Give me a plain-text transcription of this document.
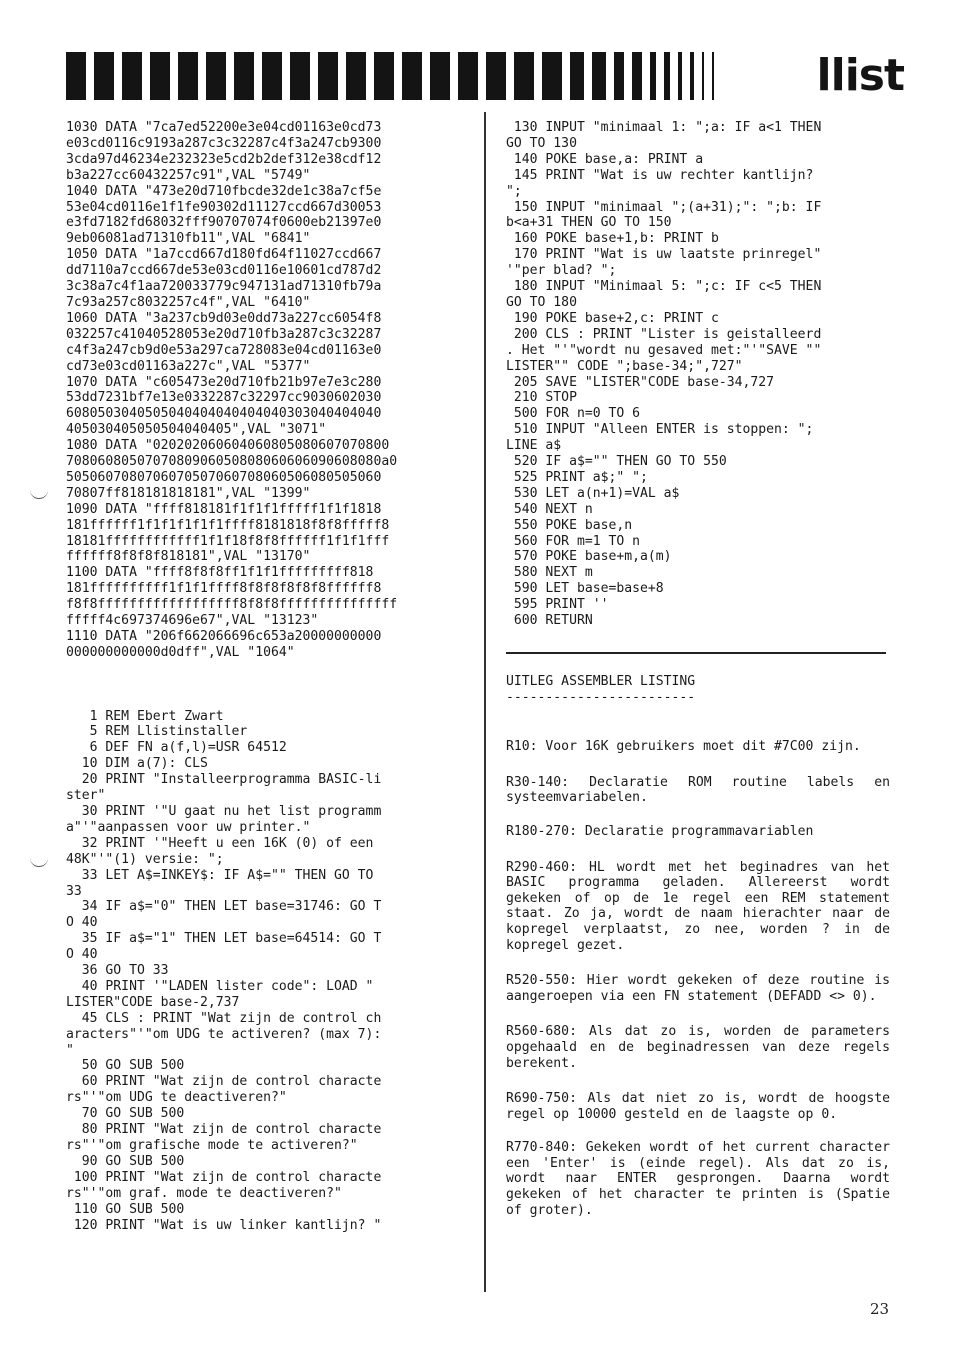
llist
1030 DATA "7ca7ed52200e3e04cd01163e0cd73
e03cd0116c9193a287c3c32287c4f3a247cb9300
3cda97d46234e232323e5cd2b2def312e38cdf12
b3a227cc60432257c91",VAL "5749"
1040 DATA "473e20d710fbcde32de1c38a7cf5e
53e04cd0116e1f1fe90302d11127ccd667d30053
e3fd7182fd68032fff90707074f0600eb21397e0
9eb06081ad71310fb11",VAL "6841"
1050 DATA "1a7ccd667d180fd64f11027ccd667
dd7110a7ccd667de53e03cd0116e10601cd787d2
3c38a7c4f1aa720033779c947131ad71310fb79a
7c93a257c8032257c4f",VAL "6410"
1060 DATA "3a237cb9d03e0dd73a227cc6054f8
032257c41040528053e20d710fb3a287c3c32287
c4f3a247cb9d0e53a297ca728083e04cd01163e0
cd73e03cd01163a227c",VAL "5377"
1070 DATA "c605473e20d710fb21b97e7e3c280
53dd7231bf7e13e0332287c32297cc9030602030
6080503040505040404040404040303040404040
405030405050504040405",VAL "3071"
1080 DATA "020202060604060805080607070800
7080608050707080906050808060606090608080a0
5050607080706070507060708060506080505060
70807ff818181818181",VAL "1399"
1090 DATA "ffff818181f1f1f1fffff1f1f1818
181ffffff1f1f1f1f1f1ffff8181818f8f8fffff8
18181ffffffffffff1f1f18f8f8ffffff1f1f1fff
ffffff8f8f8f818181",VAL "13170"
1100 DATA "ffff8f8f8ff1f1f1fffffffff818
181ffffffffff1f1f1ffff8f8f8f8f8f8ffffff8
f8f8ffffffffffffffffff8f8f8fffffffffffffff
fffff4c697374696e67",VAL "13123"
1110 DATA "206f662066696c653a20000000000
000000000000d0dff",VAL "1064"

1 REM Ebert Zwart
5 REM Llistinstaller
6 DEF FN a(f,l)=USR 64512
10 DIM a(7): CLS
20 PRINT "Installeerprogramma BASIC-li
ster"
30 PRINT '"U gaat nu het list programm
a"'"aanpassen voor uw printer."
32 PRINT '"Heeft u een 16K (0) of een
48K"'"(1) versie: ";
33 LET A$=INKEY$: IF A$="" THEN GO TO
33
34 IF a$="0" THEN LET base=31746: GO T
O 40
35 IF a$="1" THEN LET base=64514: GO T
O 40
36 GO TO 33
40 PRINT '"LADEN lister code": LOAD "
LISTER"CODE base-2,737
45 CLS : PRINT "Wat zijn de control ch
aracters"'"om UDG te activeren? (max 7):
"
50 GO SUB 500
60 PRINT "Wat zijn de control characte
rs"'"om UDG te deactiveren?"
70 GO SUB 500
80 PRINT "Wat zijn de control characte
rs"'"om grafische mode te activeren?"
90 GO SUB 500
100 PRINT "Wat zijn de control characte
rs"'"om graf. mode te deactiveren?"
110 GO SUB 500
120 PRINT "Wat is uw linker kantlijn? "
130 INPUT "minimaal 1: ";a: IF a<1 THEN
GO TO 130
140 POKE base,a: PRINT a
145 PRINT "Wat is uw rechter kantlijn?
";
150 INPUT "minimaal ";(a+31);": ";b: IF
b<a+31 THEN GO TO 150
160 POKE base+1,b: PRINT b
170 PRINT "Wat is uw laatste prinregel"
'"per blad? ";
180 INPUT "Minimaal 5: ";c: IF c<5 THEN
GO TO 180
190 POKE base+2,c: PRINT c
200 CLS : PRINT "Lister is geistalleerd
. Het "'"wordt nu gesaved met:"'"SAVE ""
LISTER"" CODE ";base-34;",727"
205 SAVE "LISTER"CODE base-34,727
210 STOP
500 FOR n=0 TO 6
510 INPUT "Alleen ENTER is stoppen: ";
LINE a$
520 IF a$="" THEN GO TO 550
525 PRINT a$;" ";
530 LET a(n+1)=VAL a$
540 NEXT n
550 POKE base,n
560 FOR m=1 TO n
570 POKE base+m,a(m)
580 NEXT m
590 LET base=base+8
595 PRINT ''
600 RETURN
UITLEG ASSEMBLER LISTING
------------------------
R10: Voor 16K gebruikers moet dit #7C00 zijn.
R30-140: Declaratie ROM routine labels en systeemvariabelen.
R180-270: Declaratie programmavariablen
R290-460: HL wordt met het beginadres van het BASIC programma geladen. Allereerst wordt gekeken of op de 1e regel een REM statement staat. Zo ja, wordt de naam hierachter naar de kopregel verplaatst, zo nee, worden ? in de kopregel gezet.
R520-550: Hier wordt gekeken of deze routine is aangeroepen via een FN statement (DEFADD <> 0).
R560-680: Als dat zo is, worden de parameters opgehaald en de beginadressen van deze regels berekent.
R690-750: Als dat niet zo is, wordt de hoogste regel op 10000 gesteld en de laagste op 0.
R770-840: Gekeken wordt of het current character een 'Enter' is (einde regel). Als dat zo is, wordt naar ENTER gesprongen. Daarna wordt gekeken of het character te printen is (Spatie of groter).
23
